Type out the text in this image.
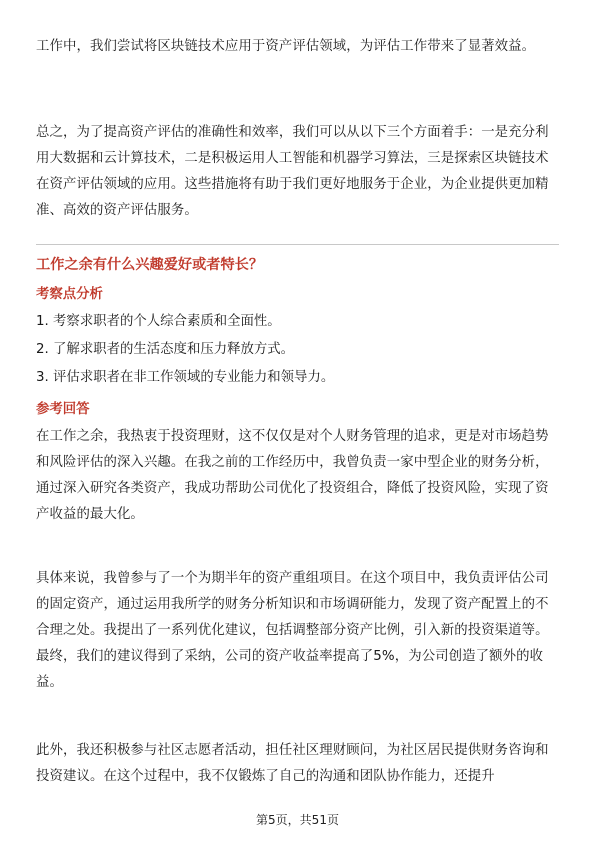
工作中，我们尝试将区块链技术应用于资产评估领域，为评估工作带来了显著效益。

总之，为了提高资产评估的准确性和效率，我们可以从以下三个方面着手：一是充分利用大数据和云计算技术，二是积极运用人工智能和机器学习算法，三是探索区块链技术在资产评估领域的应用。这些措施将有助于我们更好地服务于企业，为企业提供更加精准、高效的资产评估服务。

工作之余有什么兴趣爱好或者特长？
考察点分析
1. 考察求职者的个人综合素质和全面性。
2. 了解求职者的生活态度和压力释放方式。
3. 评估求职者在非工作领域的专业能力和领导力。
参考回答

在工作之余，我热衷于投资理财，这不仅仅是对个人财务管理的追求，更是对市场趋势和风险评估的深入兴趣。在我之前的工作经历中，我曾负责一家中型企业的财务分析，通过深入研究各类资产，我成功帮助公司优化了投资组合，降低了投资风险，实现了资产收益的最大化。

具体来说，我曾参与了一个为期半年的资产重组项目。在这个项目中，我负责评估公司的固定资产，通过运用我所学的财务分析知识和市场调研能力，发现了资产配置上的不合理之处。我提出了一系列优化建议，包括调整部分资产比例，引入新的投资渠道等。最终，我们的建议得到了采纳，公司的资产收益率提高了5%，为公司创造了额外的收益。

此外，我还积极参与社区志愿者活动，担任社区理财顾问，为社区居民提供财务咨询和投资建议。在这个过程中，我不仅锻炼了自己的沟通和团队协作能力，还提升

第5页，共51页
